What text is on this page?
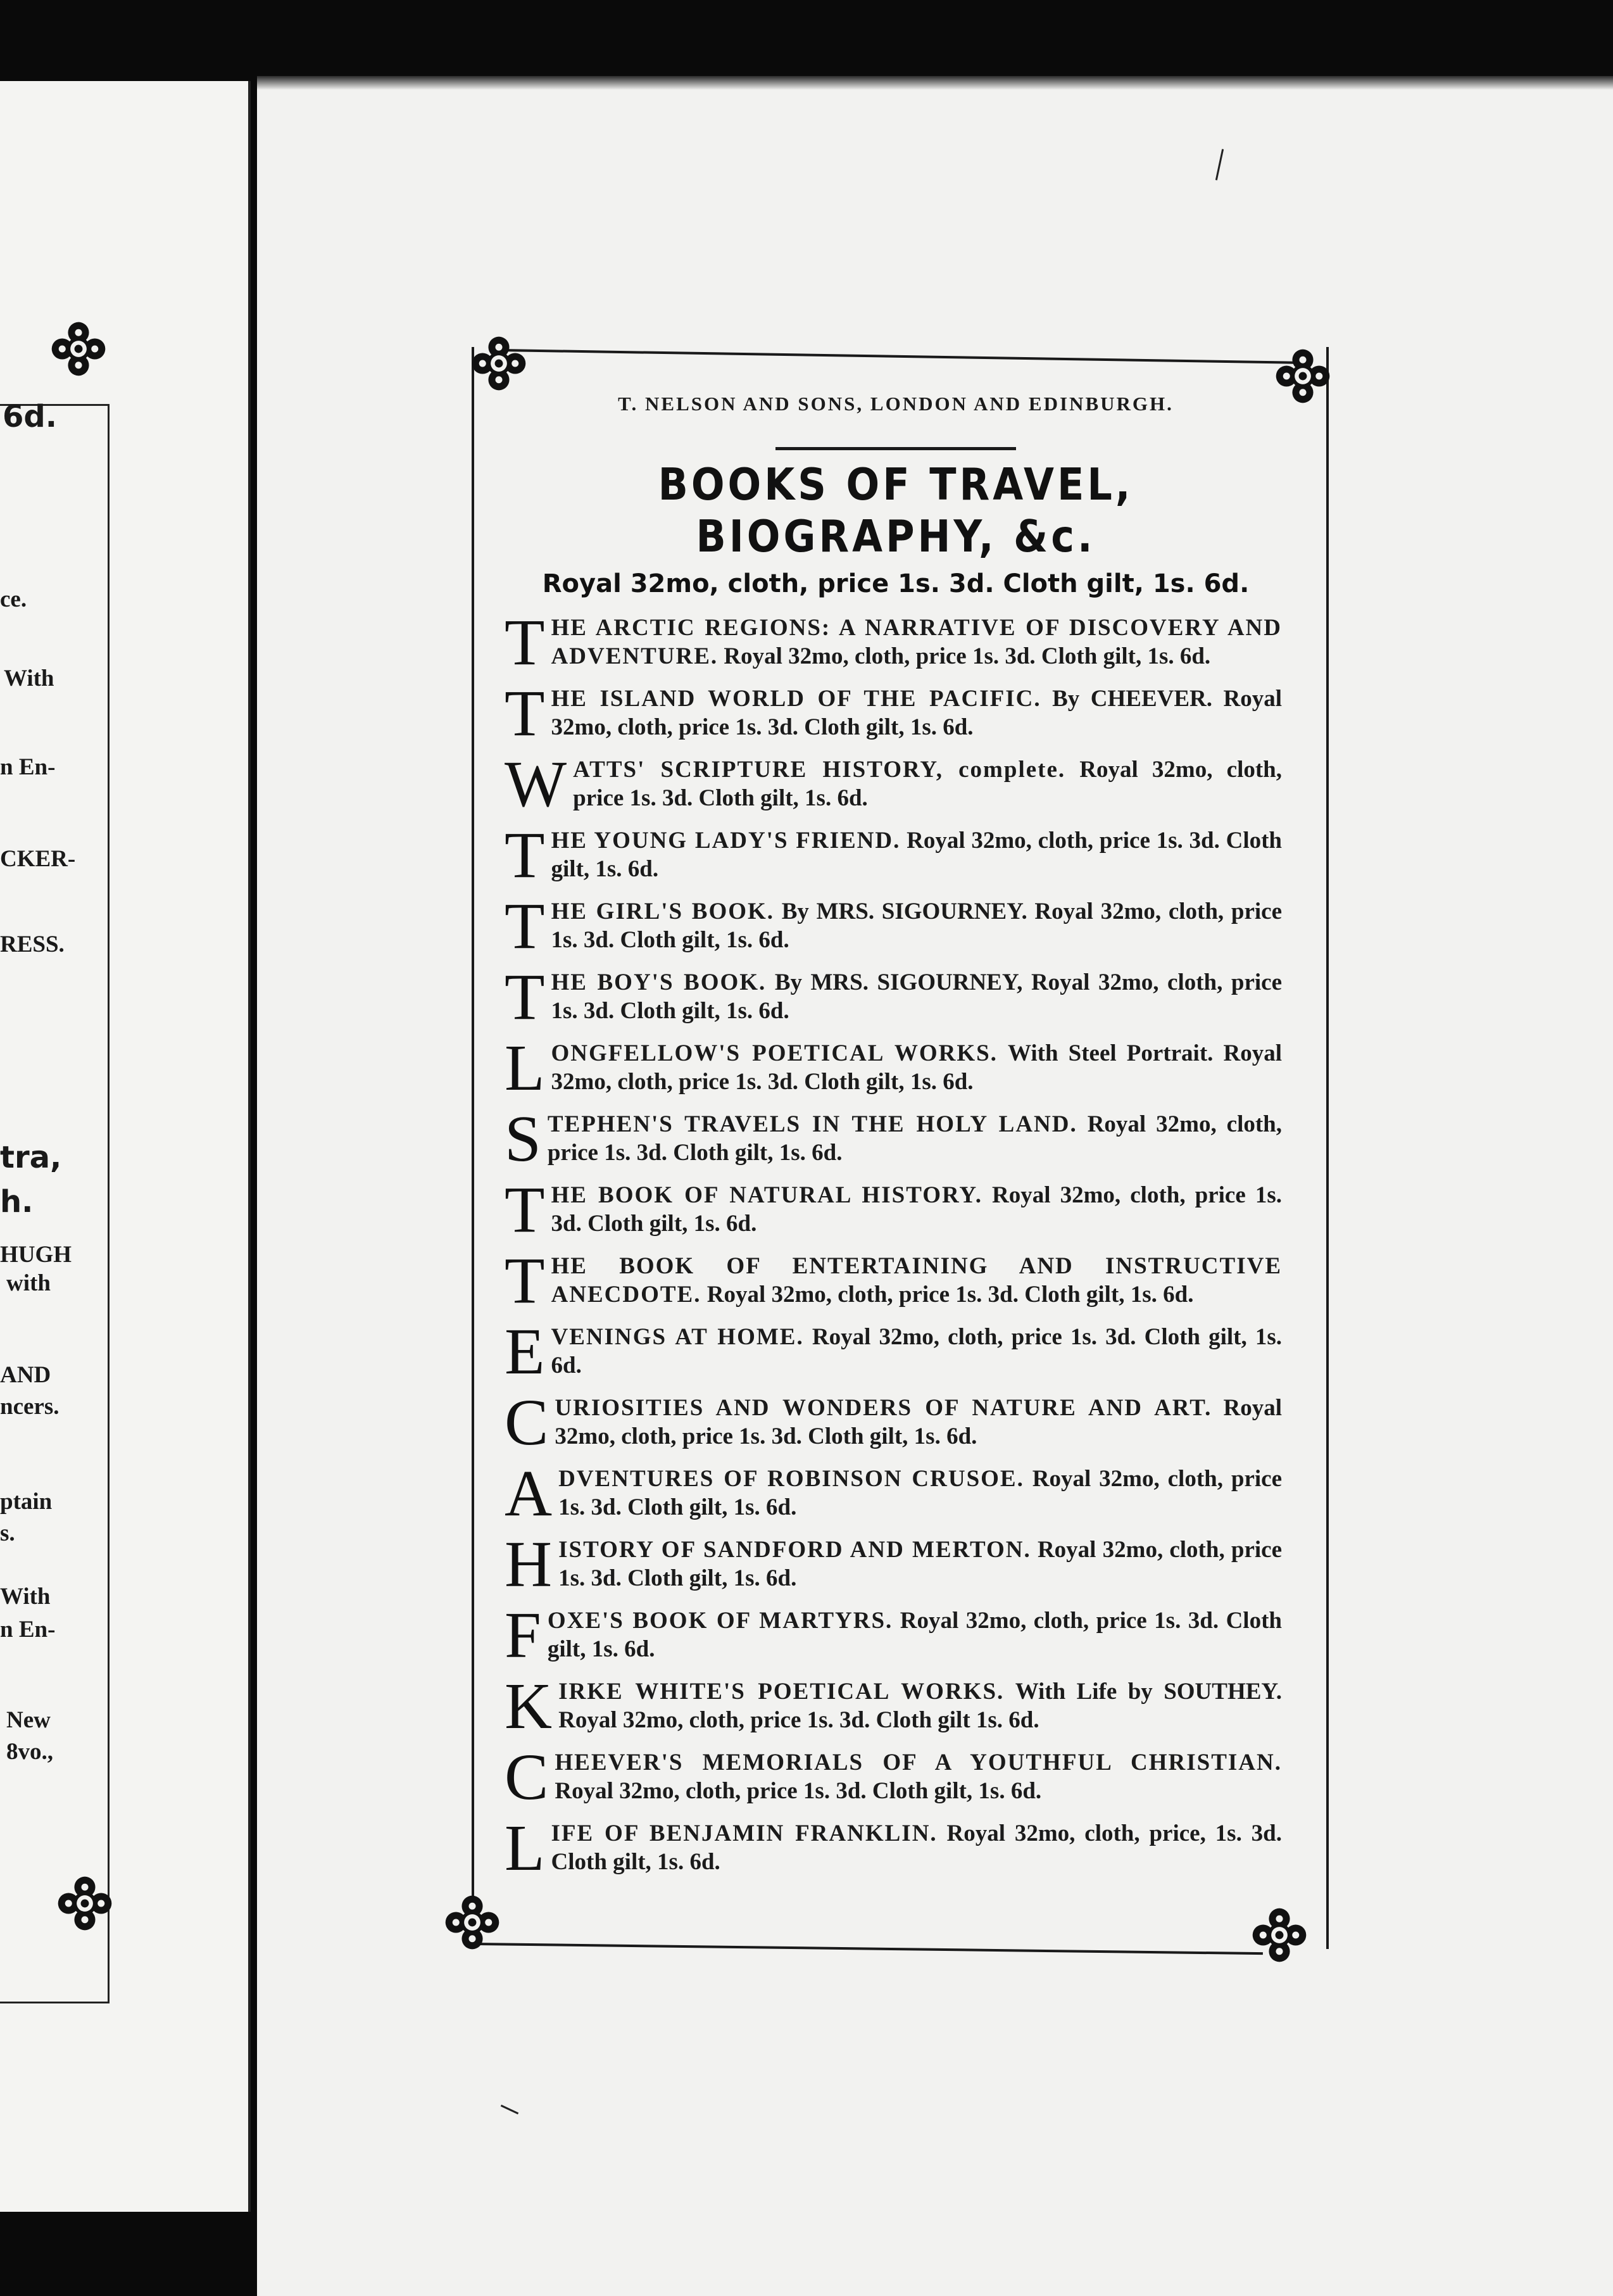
6d.
ce.
With
n En-
CKER-
RESS.
tra,
h.
HUGH
with
AND
ncers.
ptain
s.
With
n En-
New
8vo.,

T. NELSON AND SONS, LONDON AND EDINBURGH.

BOOKS OF TRAVEL, BIOGRAPHY, &c.

Royal 32mo, cloth, price 1s. 3d. Cloth gilt, 1s. 6d.

THE ARCTIC REGIONS: A NARRATIVE OF DISCOVERY AND ADVENTURE. Royal 32mo, cloth, price 1s. 3d. Cloth gilt, 1s. 6d.

THE ISLAND WORLD OF THE PACIFIC. By CHEEVER. Royal 32mo, cloth, price 1s. 3d. Cloth gilt, 1s. 6d.

WATTS' SCRIPTURE HISTORY, complete. Royal 32mo, cloth, price 1s. 3d. Cloth gilt, 1s. 6d.

THE YOUNG LADY'S FRIEND. Royal 32mo, cloth, price 1s. 3d. Cloth gilt, 1s. 6d.

THE GIRL'S BOOK. By MRS. SIGOURNEY. Royal 32mo, cloth, price 1s. 3d. Cloth gilt, 1s. 6d.

THE BOY'S BOOK. By MRS. SIGOURNEY, Royal 32mo, cloth, price 1s. 3d. Cloth gilt, 1s. 6d.

LONGFELLOW'S POETICAL WORKS. With Steel Portrait. Royal 32mo, cloth, price 1s. 3d. Cloth gilt, 1s. 6d.

STEPHEN'S TRAVELS IN THE HOLY LAND. Royal 32mo, cloth, price 1s. 3d. Cloth gilt, 1s. 6d.

THE BOOK OF NATURAL HISTORY. Royal 32mo, cloth, price 1s. 3d. Cloth gilt, 1s. 6d.

THE BOOK OF ENTERTAINING AND INSTRUCTIVE ANECDOTE. Royal 32mo, cloth, price 1s. 3d. Cloth gilt, 1s. 6d.

EVENINGS AT HOME. Royal 32mo, cloth, price 1s. 3d. Cloth gilt, 1s. 6d.

CURIOSITIES AND WONDERS OF NATURE AND ART. Royal 32mo, cloth, price 1s. 3d. Cloth gilt, 1s. 6d.

ADVENTURES OF ROBINSON CRUSOE. Royal 32mo, cloth, price 1s. 3d. Cloth gilt, 1s. 6d.

HISTORY OF SANDFORD AND MERTON. Royal 32mo, cloth, price 1s. 3d. Cloth gilt, 1s. 6d.

FOXE'S BOOK OF MARTYRS. Royal 32mo, cloth, price 1s. 3d. Cloth gilt, 1s. 6d.

KIRKE WHITE'S POETICAL WORKS. With Life by SOUTHEY. Royal 32mo, cloth, price 1s. 3d. Cloth gilt 1s. 6d.

CHEEVER'S MEMORIALS OF A YOUTHFUL CHRISTIAN. Royal 32mo, cloth, price 1s. 3d. Cloth gilt, 1s. 6d.

LIFE OF BENJAMIN FRANKLIN. Royal 32mo, cloth, price, 1s. 3d. Cloth gilt, 1s. 6d.
